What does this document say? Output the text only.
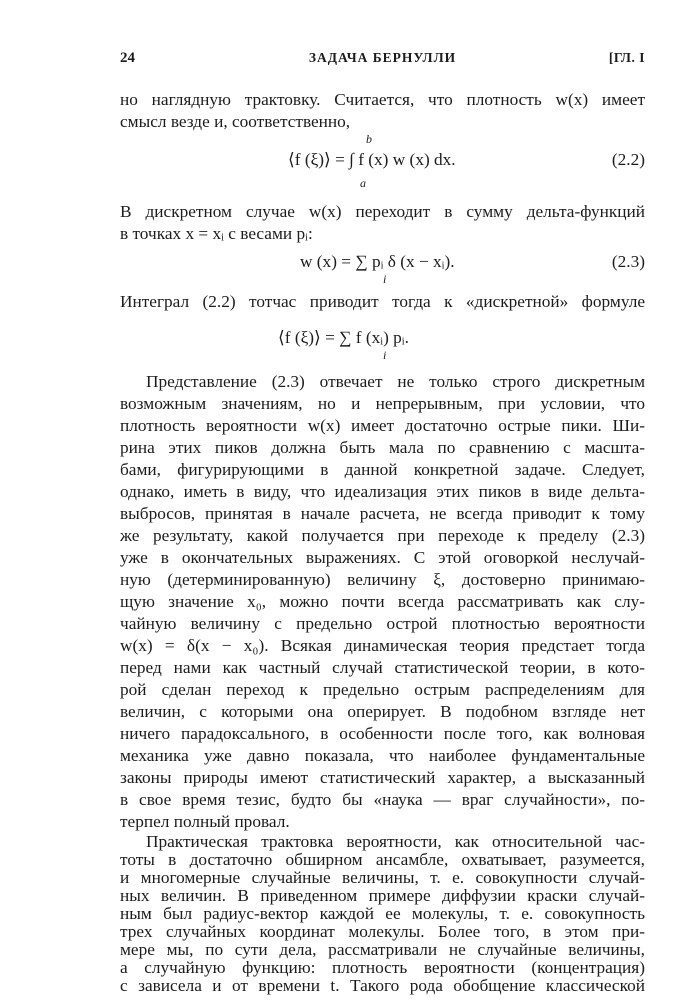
24	ЗАДАЧА БЕРНУЛЛИ	[ГЛ. I
но наглядную трактовку. Считается, что плотность w(x) имеет
смысл везде и, соответственно,
b
⟨f (ξ)⟩ = ∫ f (x) w (x) dx.
a
(2.2)
В дискретном случае w(x) переходит в сумму дельта-функций
в точках x = xᵢ с весами pᵢ:
w (x) = ∑ pᵢ δ (x − xᵢ).
i
(2.3)
Интеграл (2.2) тотчас приводит тогда к «дискретной» формуле
⟨f (ξ)⟩ = ∑ f (xᵢ) pᵢ.
i
Представление (2.3) отвечает не только строго дискретным
возможным значениям, но и непрерывным, при условии, что
плотность вероятности w(x) имеет достаточно острые пики. Ши-
рина этих пиков должна быть мала по сравнению с масшта-
бами, фигурирующими в данной конкретной задаче. Следует,
однако, иметь в виду, что идеализация этих пиков в виде дельта-
выбросов, принятая в начале расчета, не всегда приводит к тому
же результату, какой получается при переходе к пределу (2.3)
уже в окончательных выражениях. С этой оговоркой неслучай-
ную (детерминированную) величину ξ, достоверно принимаю-
щую значение x₀, можно почти всегда рассматривать как слу-
чайную величину с предельно острой плотностью вероятности
w(x) = δ(x − x₀). Всякая динамическая теория предстает тогда
перед нами как частный случай статистической теории, в кото-
рой сделан переход к предельно острым распределениям для
величин, с которыми она оперирует. В подобном взгляде нет
ничего парадоксального, в особенности после того, как волновая
механика уже давно показала, что наиболее фундаментальные
законы природы имеют статистический характер, а высказанный
в свое время тезис, будто бы «наука — враг случайности», по-
терпел полный провал.
Практическая трактовка вероятности, как относительной час-
тоты в достаточно обширном ансамбле, охватывает, разумеется,
и многомерные случайные величины, т. е. совокупности случай-
ных величин. В приведенном примере диффузии краски случай-
ным был радиус-вектор каждой ее молекулы, т. е. совокупность
трех случайных координат молекулы. Более того, в этом при-
мере мы, по сути дела, рассматривали не случайные величины,
а случайную функцию: плотность вероятности (концентрация)
c зависела и от времени t. Такого рода обобщение классической
